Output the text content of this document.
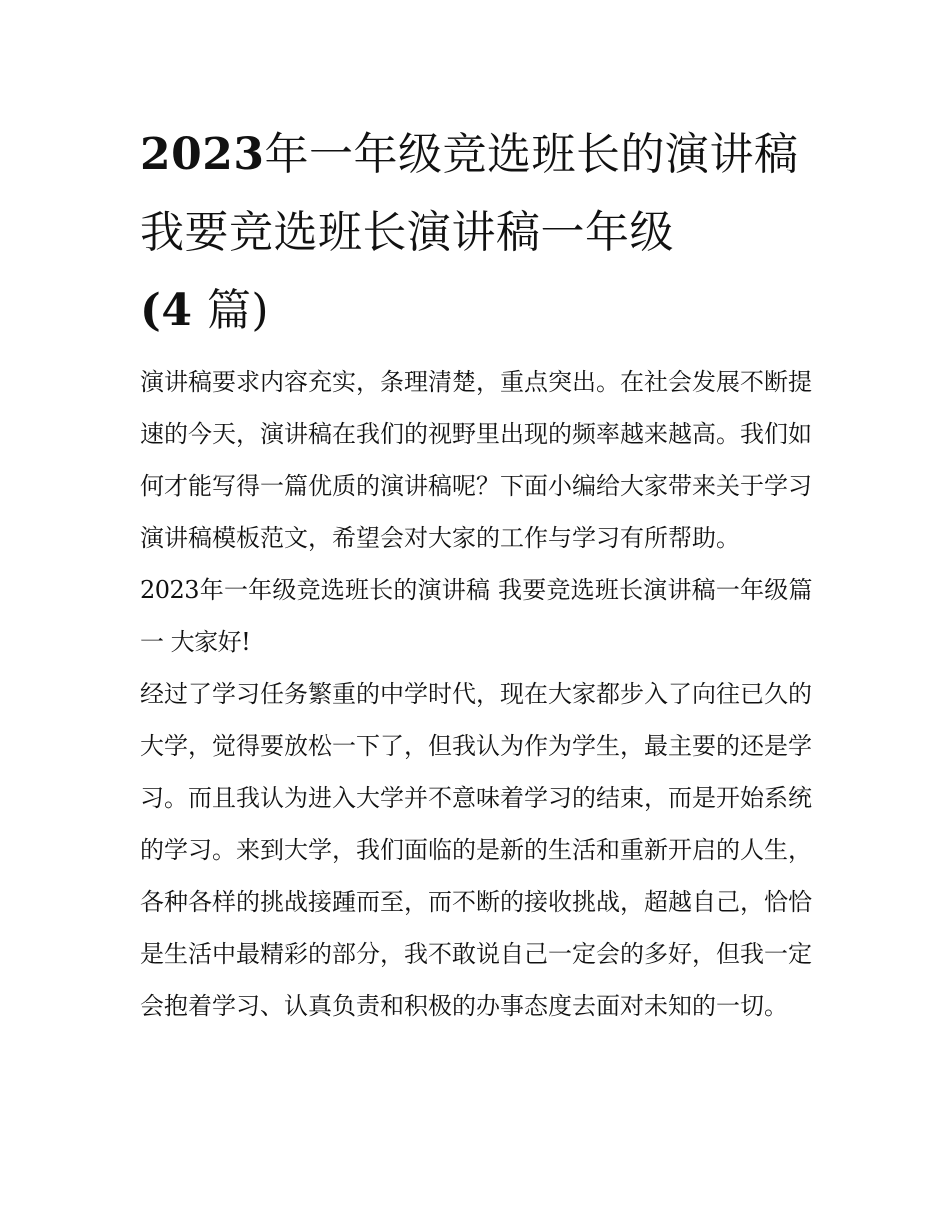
2023年一年级竞选班长的演讲稿 我要竞选班长演讲稿一年级
(4 篇)

演讲稿要求内容充实，条理清楚，重点突出。在社会发展不断提速的今天，演讲稿在我们的视野里出现的频率越来越高。我们如何才能写得一篇优质的演讲稿呢？下面小编给大家带来关于学习演讲稿模板范文，希望会对大家的工作与学习有所帮助。

2023年一年级竞选班长的演讲稿 我要竞选班长演讲稿一年级篇一 大家好!

经过了学习任务繁重的中学时代，现在大家都步入了向往已久的大学，觉得要放松一下了，但我认为作为学生，最主要的还是学习。而且我认为进入大学并不意味着学习的结束，而是开始系统的学习。来到大学，我们面临的是新的生活和重新开启的人生，各种各样的挑战接踵而至，而不断的接收挑战，超越自己，恰恰是生活中最精彩的部分，我不敢说自己一定会的多好，但我一定会抱着学习、认真负责和积极的办事态度去面对未知的一切。
